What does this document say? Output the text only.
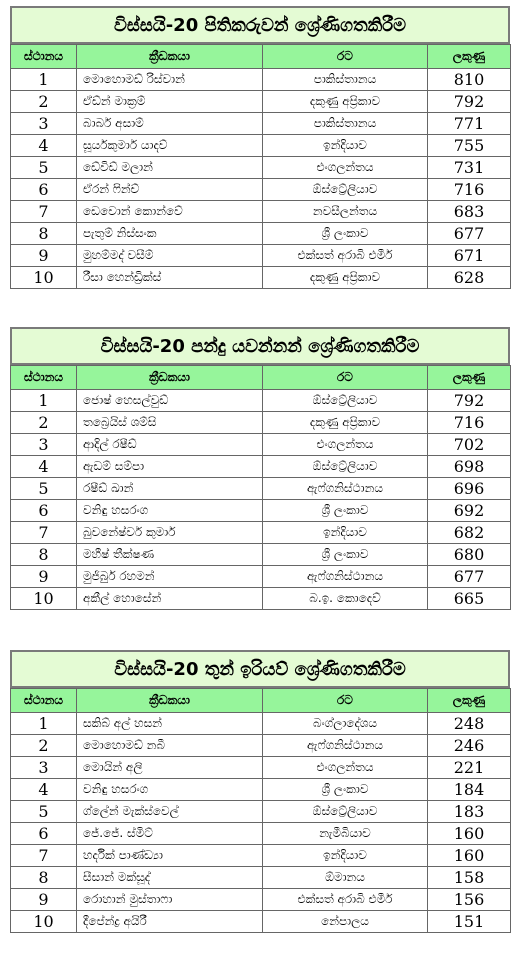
විස්සයි-20 පිතිකරුවන් ශ්‍රේණිගතකිරීම
ස්ථානය	ක්‍රීඩකයා	රට	ලකුණු
1	මොහොමඩ් රිස්වාන්	පාකිස්තානය	810
2	ඒඩ්න් මාක්‍රම්	දකුණු අප්‍රිකාව	792
3	බාබර් අසාම්	පාකිස්තානය	771
4	සූර්යකුමාර් යාදව්	ඉන්දියාව	755
5	ඩේවිඩ් මලාන්	එංගලන්තය	731
6	ඒරන් ෆින්ච්	ඕස්ට්‍රේලියාව	716
7	ඩෙවොන් කොන්වේ	නවසීලන්තය	683
8	පැතුම් නිස්සංක	ශ්‍රී ලංකාව	677
9	මුහම්මද් වසීම්	එක්සත් අරාබි එමීර්	671
10	රීසා හෙන්ඩ්‍රික්ස්	දකුණු අප්‍රිකාව	628
විස්සයි-20 පන්දු යවන්නන් ශ්‍රේණිගතකිරීම
ස්ථානය	ක්‍රීඩකයා	රට	ලකුණු
1	ජොෂ් හෙසල්වුඩ්	ඕස්ට්‍රේලියාව	792
2	තබ්‍රෙයිස් ශම්සි	දකුණු අප්‍රිකාව	716
3	ආදිල් රෂීඩ්	එංගලන්තය	702
4	ඇඩම් සම්පා	ඕස්ට්‍රේලියාව	698
5	රෂීඩ් ඛාන්	ඇෆ්ගනිස්ථානය	696
6	වනිඳු හසරංග	ශ්‍රී ලංකාව	692
7	බුවනේෂ්වර් කුමාර්	ඉන්දියාව	682
8	මහීෂ් තීක්ෂණ	ශ්‍රී ලංකාව	680
9	මුජිබුර් රහමන්	ඇෆ්ගනිස්ථානය	677
10	අකීල් හොසේන්	බ.ඉ. කොදෙව්	665
විස්සයි-20 තුන් ඉරියව් ශ්‍රේණිගතකිරීම
ස්ථානය	ක්‍රීඩකයා	රට	ලකුණු
1	සකිබ් අල් හසන්	බංග්ලාදේශය	248
2	මොහොමඩ් නබී	ඇෆ්ගනිස්ථානය	246
3	මොයින් අලි	එංගලන්තය	221
4	වනිඳු හසරංග	ශ්‍රී ලංකාව	184
5	ග්ලේන් මැක්ස්වෙල්	ඕස්ට්‍රේලියාව	183
6	ජේ.ජේ. ස්මිට්	නැමීබියාව	160
7	හර්දික් පාණ්ඩ්‍යා	ඉන්දියාව	160
8	සීසාන් මක්සූද්	ඕමානය	158
9	රොහාන් මුස්තාෆා	එක්සත් අරාබි එමීර්	156
10	දීපේන්ද්‍ර අයිරී	නේපාලය	151
